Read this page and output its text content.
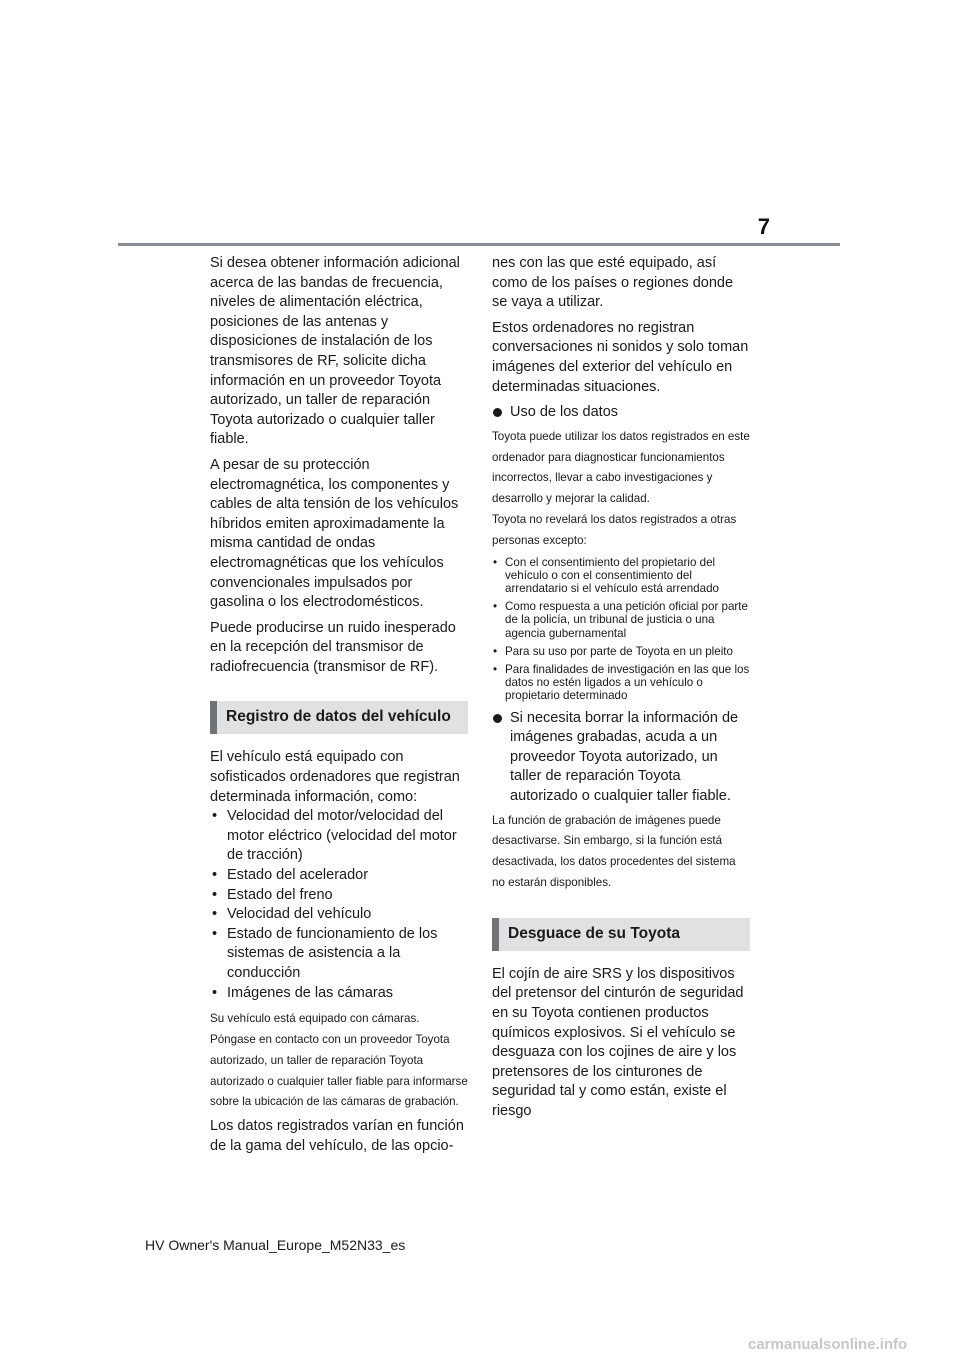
7

Si desea obtener información adicional acerca de las bandas de frecuencia, niveles de alimentación eléctrica, posiciones de las antenas y disposiciones de instalación de los transmisores de RF, solicite dicha información en un proveedor Toyota autorizado, un taller de reparación Toyota autorizado o cualquier taller fiable.

A pesar de su protección electromagnética, los componentes y cables de alta tensión de los vehículos híbridos emiten aproximadamente la misma cantidad de ondas electromagnéticas que los vehículos convencionales impulsados por gasolina o los electrodomésticos.

Puede producirse un ruido inesperado en la recepción del transmisor de radiofrecuencia (transmisor de RF).

Registro de datos del vehículo

El vehículo está equipado con sofisticados ordenadores que registran determinada información, como:

• Velocidad del motor/velocidad del motor eléctrico (velocidad del motor de tracción)
• Estado del acelerador
• Estado del freno
• Velocidad del vehículo
• Estado de funcionamiento de los sistemas de asistencia a la conducción
• Imágenes de las cámaras

Su vehículo está equipado con cámaras. Póngase en contacto con un proveedor Toyota autorizado, un taller de reparación Toyota autorizado o cualquier taller fiable para informarse sobre la ubicación de las cámaras de grabación.

Los datos registrados varían en función de la gama del vehículo, de las opcio-

nes con las que esté equipado, así como de los países o regiones donde se vaya a utilizar.

Estos ordenadores no registran conversaciones ni sonidos y solo toman imágenes del exterior del vehículo en determinadas situaciones.

Uso de los datos

Toyota puede utilizar los datos registrados en este ordenador para diagnosticar funcionamientos incorrectos, llevar a cabo investigaciones y desarrollo y mejorar la calidad.

Toyota no revelará los datos registrados a otras personas excepto:

• Con el consentimiento del propietario del vehículo o con el consentimiento del arrendatario si el vehículo está arrendado
• Como respuesta a una petición oficial por parte de la policía, un tribunal de justicia o una agencia gubernamental
• Para su uso por parte de Toyota en un pleito
• Para finalidades de investigación en las que los datos no estén ligados a un vehículo o propietario determinado
Si necesita borrar la información de imágenes grabadas, acuda a un proveedor Toyota autorizado, un taller de reparación Toyota autorizado o cualquier taller fiable.

La función de grabación de imágenes puede desactivarse. Sin embargo, si la función está desactivada, los datos procedentes del sistema no estarán disponibles.

Desguace de su Toyota

El cojín de aire SRS y los dispositivos del pretensor del cinturón de seguridad en su Toyota contienen productos químicos explosivos. Si el vehículo se desguaza con los cojines de aire y los pretensores de los cinturones de seguridad tal y como están, existe el riesgo

HV Owner's Manual_Europe_M52N33_es
carmanualsonline.info
